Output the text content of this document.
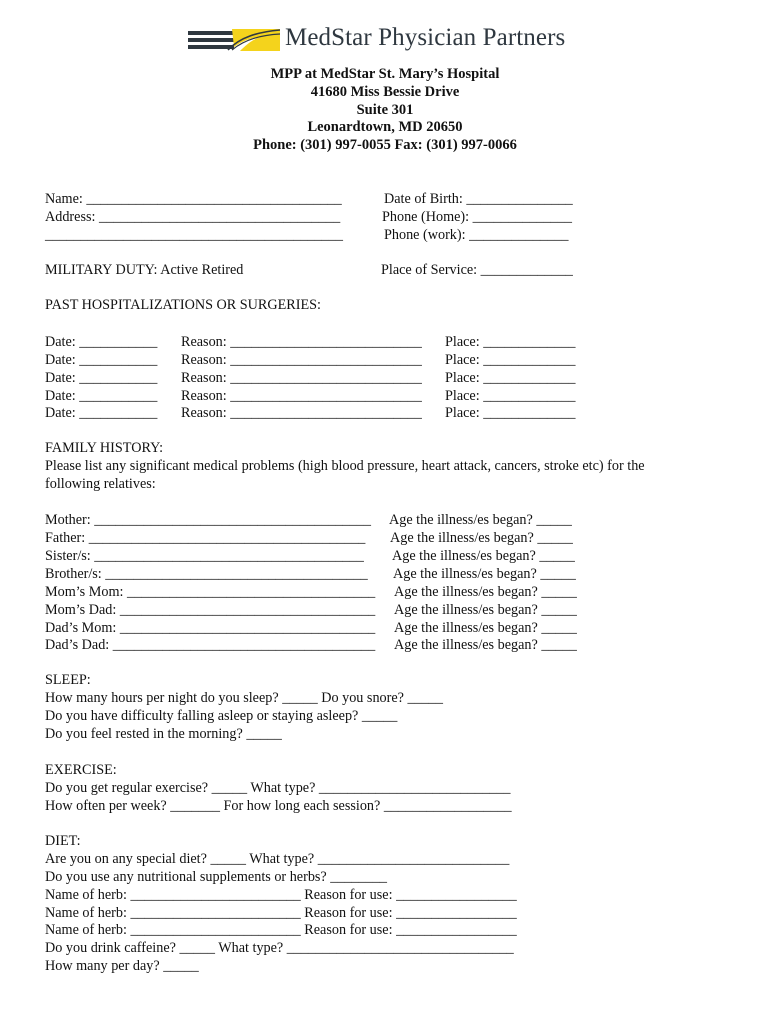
MedStar Physician Partners
MPP at MedStar St. Mary’s Hospital
41680 Miss Bessie Drive
Suite 301
Leonardtown, MD 20650
Phone: (301) 997-0055 Fax: (301) 997-0066
Name: ____________________________________
Address: __________________________________
__________________________________________
Date of Birth: _______________
Phone (Home): ______________
Phone (work): ______________
MILITARY DUTY: Active Retired	Place of Service: _____________
PAST HOSPITALIZATIONS OR SURGERIES:
Date: ___________ Reason: ___________________________ Place: _____________
Date: ___________ Reason: ___________________________ Place: _____________
Date: ___________ Reason: ___________________________ Place: _____________
Date: ___________ Reason: ___________________________ Place: _____________
Date: ___________ Reason: ___________________________ Place: _____________
FAMILY HISTORY:
Please list any significant medical problems (high blood pressure, heart attack, cancers, stroke etc) for the
following relatives:
Mother: _______________________________________ Age the illness/es began? _____
Father: _______________________________________ Age the illness/es began? _____
Sister/s: ______________________________________ Age the illness/es began? _____
Brother/s: _____________________________________ Age the illness/es began? _____
Mom’s Mom: ___________________________________ Age the illness/es began? _____
Mom’s Dad: ____________________________________ Age the illness/es began? _____
Dad’s Mom: ____________________________________ Age the illness/es began? _____
Dad’s Dad: _____________________________________ Age the illness/es began? _____
SLEEP:
How many hours per night do you sleep? _____ Do you snore? _____
Do you have difficulty falling asleep or staying asleep? _____
Do you feel rested in the morning? _____
EXERCISE:
Do you get regular exercise? _____ What type? ___________________________
How often per week? _______ For how long each session? __________________
DIET:
Are you on any special diet? _____ What type? ___________________________
Do you use any nutritional supplements or herbs? ________
Name of herb: ________________________ Reason for use: _________________
Name of herb: ________________________ Reason for use: _________________
Name of herb: ________________________ Reason for use: _________________
Do you drink caffeine? _____ What type? ________________________________
How many per day? _____
